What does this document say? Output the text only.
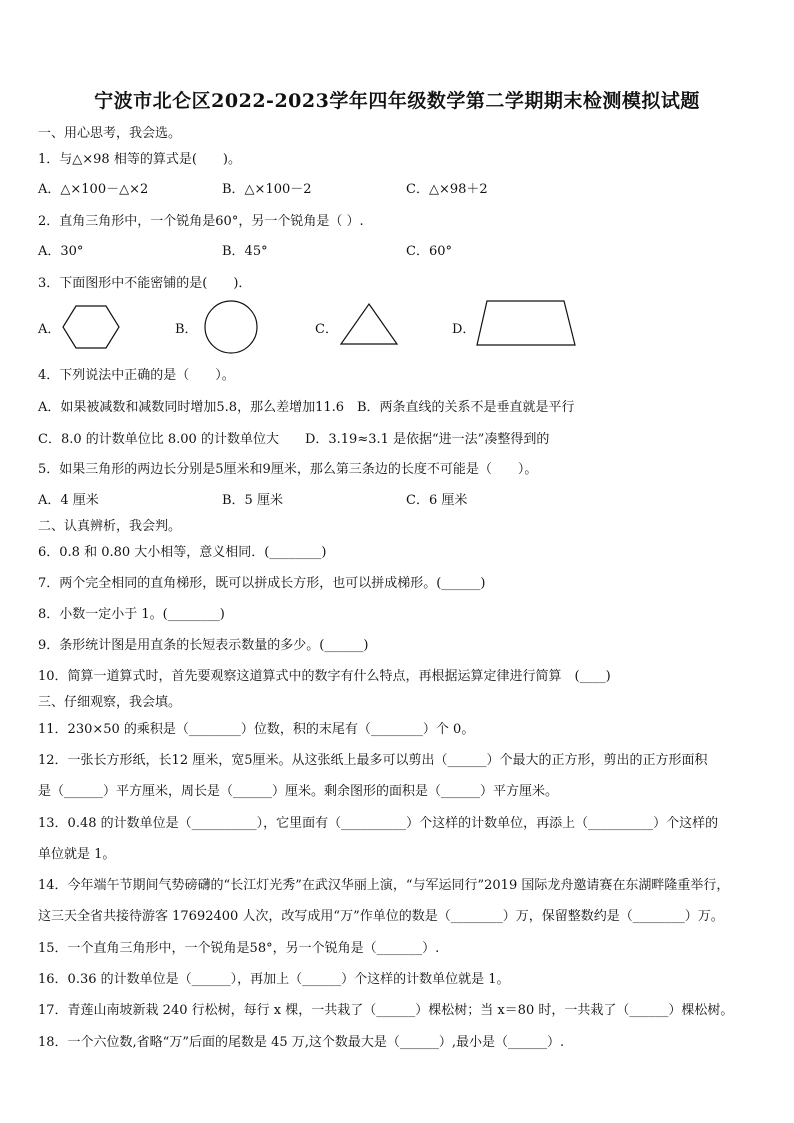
宁波市北仑区2022-2023学年四年级数学第二学期期末检测模拟试题
一、用心思考，我会选。
1．与△×98 相等的算式是(　　)。
A．△×100－△×2	B．△×100－2	C．△×98＋2
2．直角三角形中，一个锐角是60°，另一个锐角是（ ）.
A．30°	B．45°	C．60°
3．下面图形中不能密铺的是(　　)．
A．	B．	C．	D．
4．下列说法中正确的是（　　）。
A．如果被减数和减数同时增加5.8，那么差增加11.6　B．两条直线的关系不是垂直就是平行
C．8.0 的计数单位比 8.00 的计数单位大　　D．3.19≈3.1 是依据“进一法”凑整得到的
5．如果三角形的两边长分别是5厘米和9厘米，那么第三条边的长度不可能是（　　）。
A．4 厘米	B．5 厘米	C．6 厘米
二、认真辨析，我会判。
6．0.8 和 0.80 大小相等，意义相同．(________)
7．两个完全相同的直角梯形，既可以拼成长方形，也可以拼成梯形。(______)
8．小数一定小于 1。(________)
9．条形统计图是用直条的长短表示数量的多少。(______)
10．简算一道算式时，首先要观察这道算式中的数字有什么特点，再根据运算定律进行简算　(____)
三、仔细观察，我会填。
11．230×50 的乘积是（________）位数，积的末尾有（________）个 0。
12．一张长方形纸，长12 厘米，宽5厘米。从这张纸上最多可以剪出（______）个最大的正方形，剪出的正方形面积
是（______）平方厘米，周长是（______）厘米。剩余图形的面积是（______）平方厘米。
13．0.48 的计数单位是（__________），它里面有（__________）个这样的计数单位，再添上（__________）个这样的
单位就是 1。
14．今年端午节期间气势磅礴的“长江灯光秀”在武汉华丽上演，“与军运同行”2019 国际龙舟邀请赛在东湖畔隆重举行，
这三天全省共接待游客 17692400 人次，改写成用“万”作单位的数是（________）万，保留整数约是（________）万。
15．一个直角三角形中，一个锐角是58°，另一个锐角是（_______）.
16．0.36 的计数单位是（______），再加上（______）个这样的计数单位就是 1。
17．青莲山南坡新栽 240 行松树，每行 x 棵，一共栽了（______）棵松树；当 x＝80 时，一共栽了（______）棵松树。
18．一个六位数,省略“万”后面的尾数是 45 万,这个数最大是（______）,最小是（______）.
